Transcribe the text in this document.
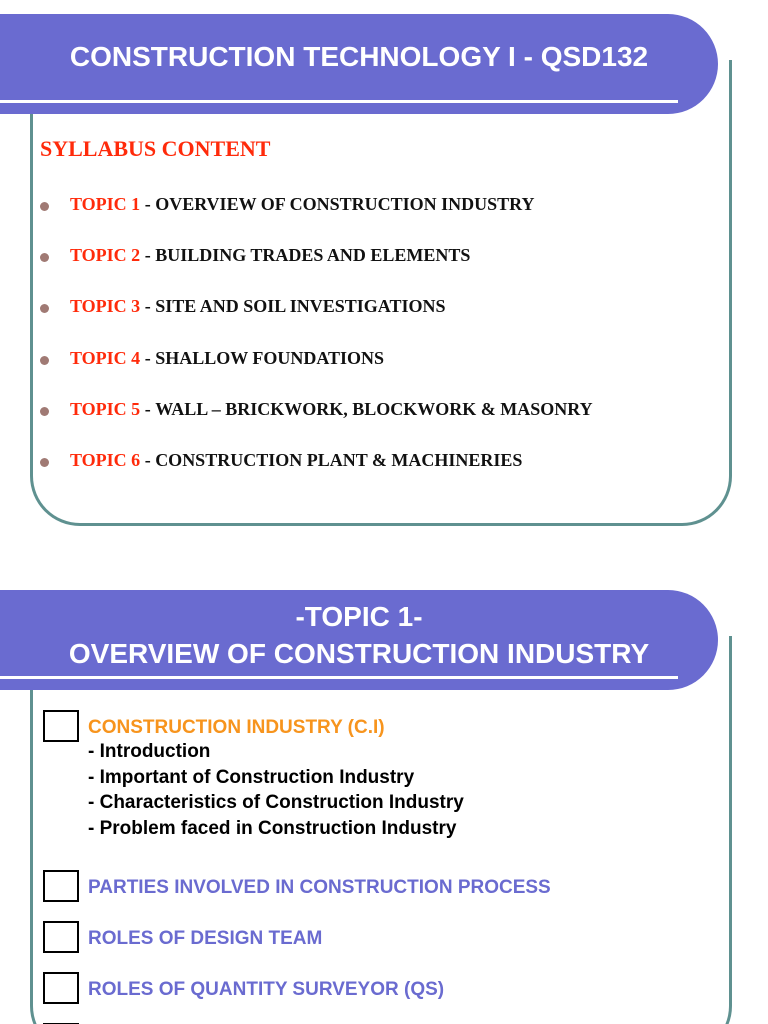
CONSTRUCTION TECHNOLOGY I - QSD132
SYLLABUS CONTENT
TOPIC 1 - OVERVIEW OF CONSTRUCTION INDUSTRY
TOPIC 2 - BUILDING TRADES AND ELEMENTS
TOPIC 3 - SITE AND SOIL INVESTIGATIONS
TOPIC 4 - SHALLOW FOUNDATIONS
TOPIC 5 - WALL – BRICKWORK, BLOCKWORK & MASONRY
TOPIC 6 - CONSTRUCTION PLANT & MACHINERIES
-TOPIC 1-
OVERVIEW OF CONSTRUCTION INDUSTRY
CONSTRUCTION INDUSTRY (C.I)
- Introduction
- Important of Construction Industry
- Characteristics of Construction Industry
- Problem faced in Construction Industry
PARTIES INVOLVED IN CONSTRUCTION PROCESS
ROLES OF DESIGN TEAM
ROLES OF QUANTITY SURVEYOR (QS)
